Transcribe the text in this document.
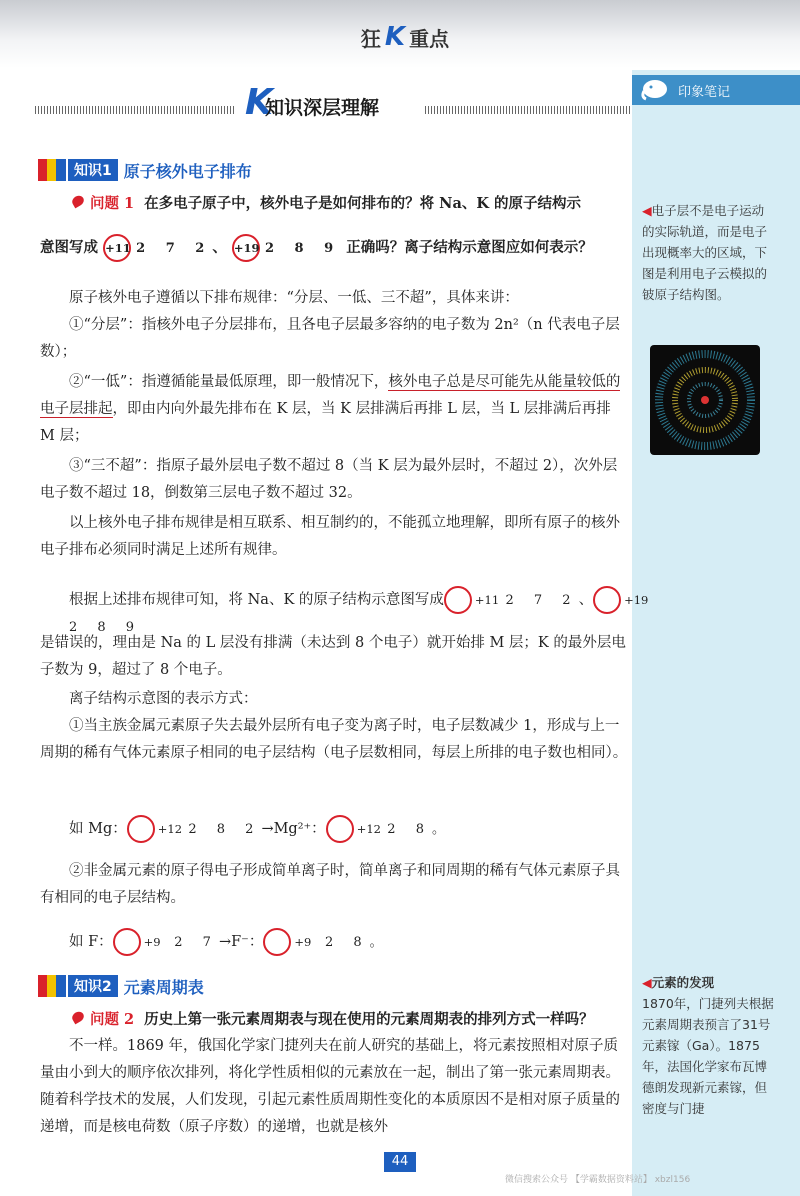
狂 K 重点
印象笔记
◀电子层不是电子运动的实际轨道，而是电子出现概率大的区域，下图是利用电子云模拟的铍原子结构图。
◀元素的发现
1870年，门捷列夫根据元素周期表预言了31号元素镓（Ga）。1875年，法国化学家布瓦博德朗发现新元素镓，但密度与门捷
K
知识深层理解
知识1 原子核外电子排布
问题 1 在多电子原子中，核外电子是如何排布的？将 Na、K 的原子结构示
意图写成 +11 2 7 2、 +19 2 8 9 正确吗？离子结构示意图应如何表示？
原子核外电子遵循以下排布规律：“分层、一低、三不超”，具体来讲：
①“分层”：指核外电子分层排布，且各电子层最多容纳的电子数为 2n²（n 代表电子层数）；
②“一低”：指遵循能量最低原理，即一般情况下，核外电子总是尽可能先从能量较低的电子层排起，即由内向外最先排布在 K 层，当 K 层排满后再排 L 层，当 L 层排满后再排 M 层；
③“三不超”：指原子最外层电子数不超过 8（当 K 层为最外层时，不超过 2），次外层电子数不超过 18，倒数第三层电子数不超过 32。
以上核外电子排布规律是相互联系、相互制约的，不能孤立地理解，即所有原子的核外电子排布必须同时满足上述所有规律。
根据上述排布规律可知，将 Na、K 的原子结构示意图写成	+11 2 7 2、	+19 2 8 9
是错误的，理由是 Na 的 L 层没有排满（未达到 8 个电子）就开始排 M 层；K 的最外层电子数为 9，超过了 8 个电子。
离子结构示意图的表示方式：
①当主族金属元素原子失去最外层所有电子变为离子时，电子层数减少 1，形成与上一周期的稀有气体元素原子相同的电子层结构（电子层数相同，每层上所排的电子数也相同）。
如 Mg：	+12 2 8 2→Mg²⁺：	+12 2 8。
②非金属元素的原子得电子形成简单离子时，简单离子和同周期的稀有气体元素原子具有相同的电子层结构。
如 F：	+9 2 7→F⁻：	+9 2 8。
知识2 元素周期表
问题 2 历史上第一张元素周期表与现在使用的元素周期表的排列方式一样吗？
不一样。1869 年，俄国化学家门捷列夫在前人研究的基础上，将元素按照相对原子质量由小到大的顺序依次排列，将化学性质相似的元素放在一起，制出了第一张元素周期表。随着科学技术的发展，人们发现，引起元素性质周期性变化的本质原因不是相对原子质量的递增，而是核电荷数（原子序数）的递增，也就是核外
44
微信搜索公众号 【学霸数据资料站】 xbzl156
